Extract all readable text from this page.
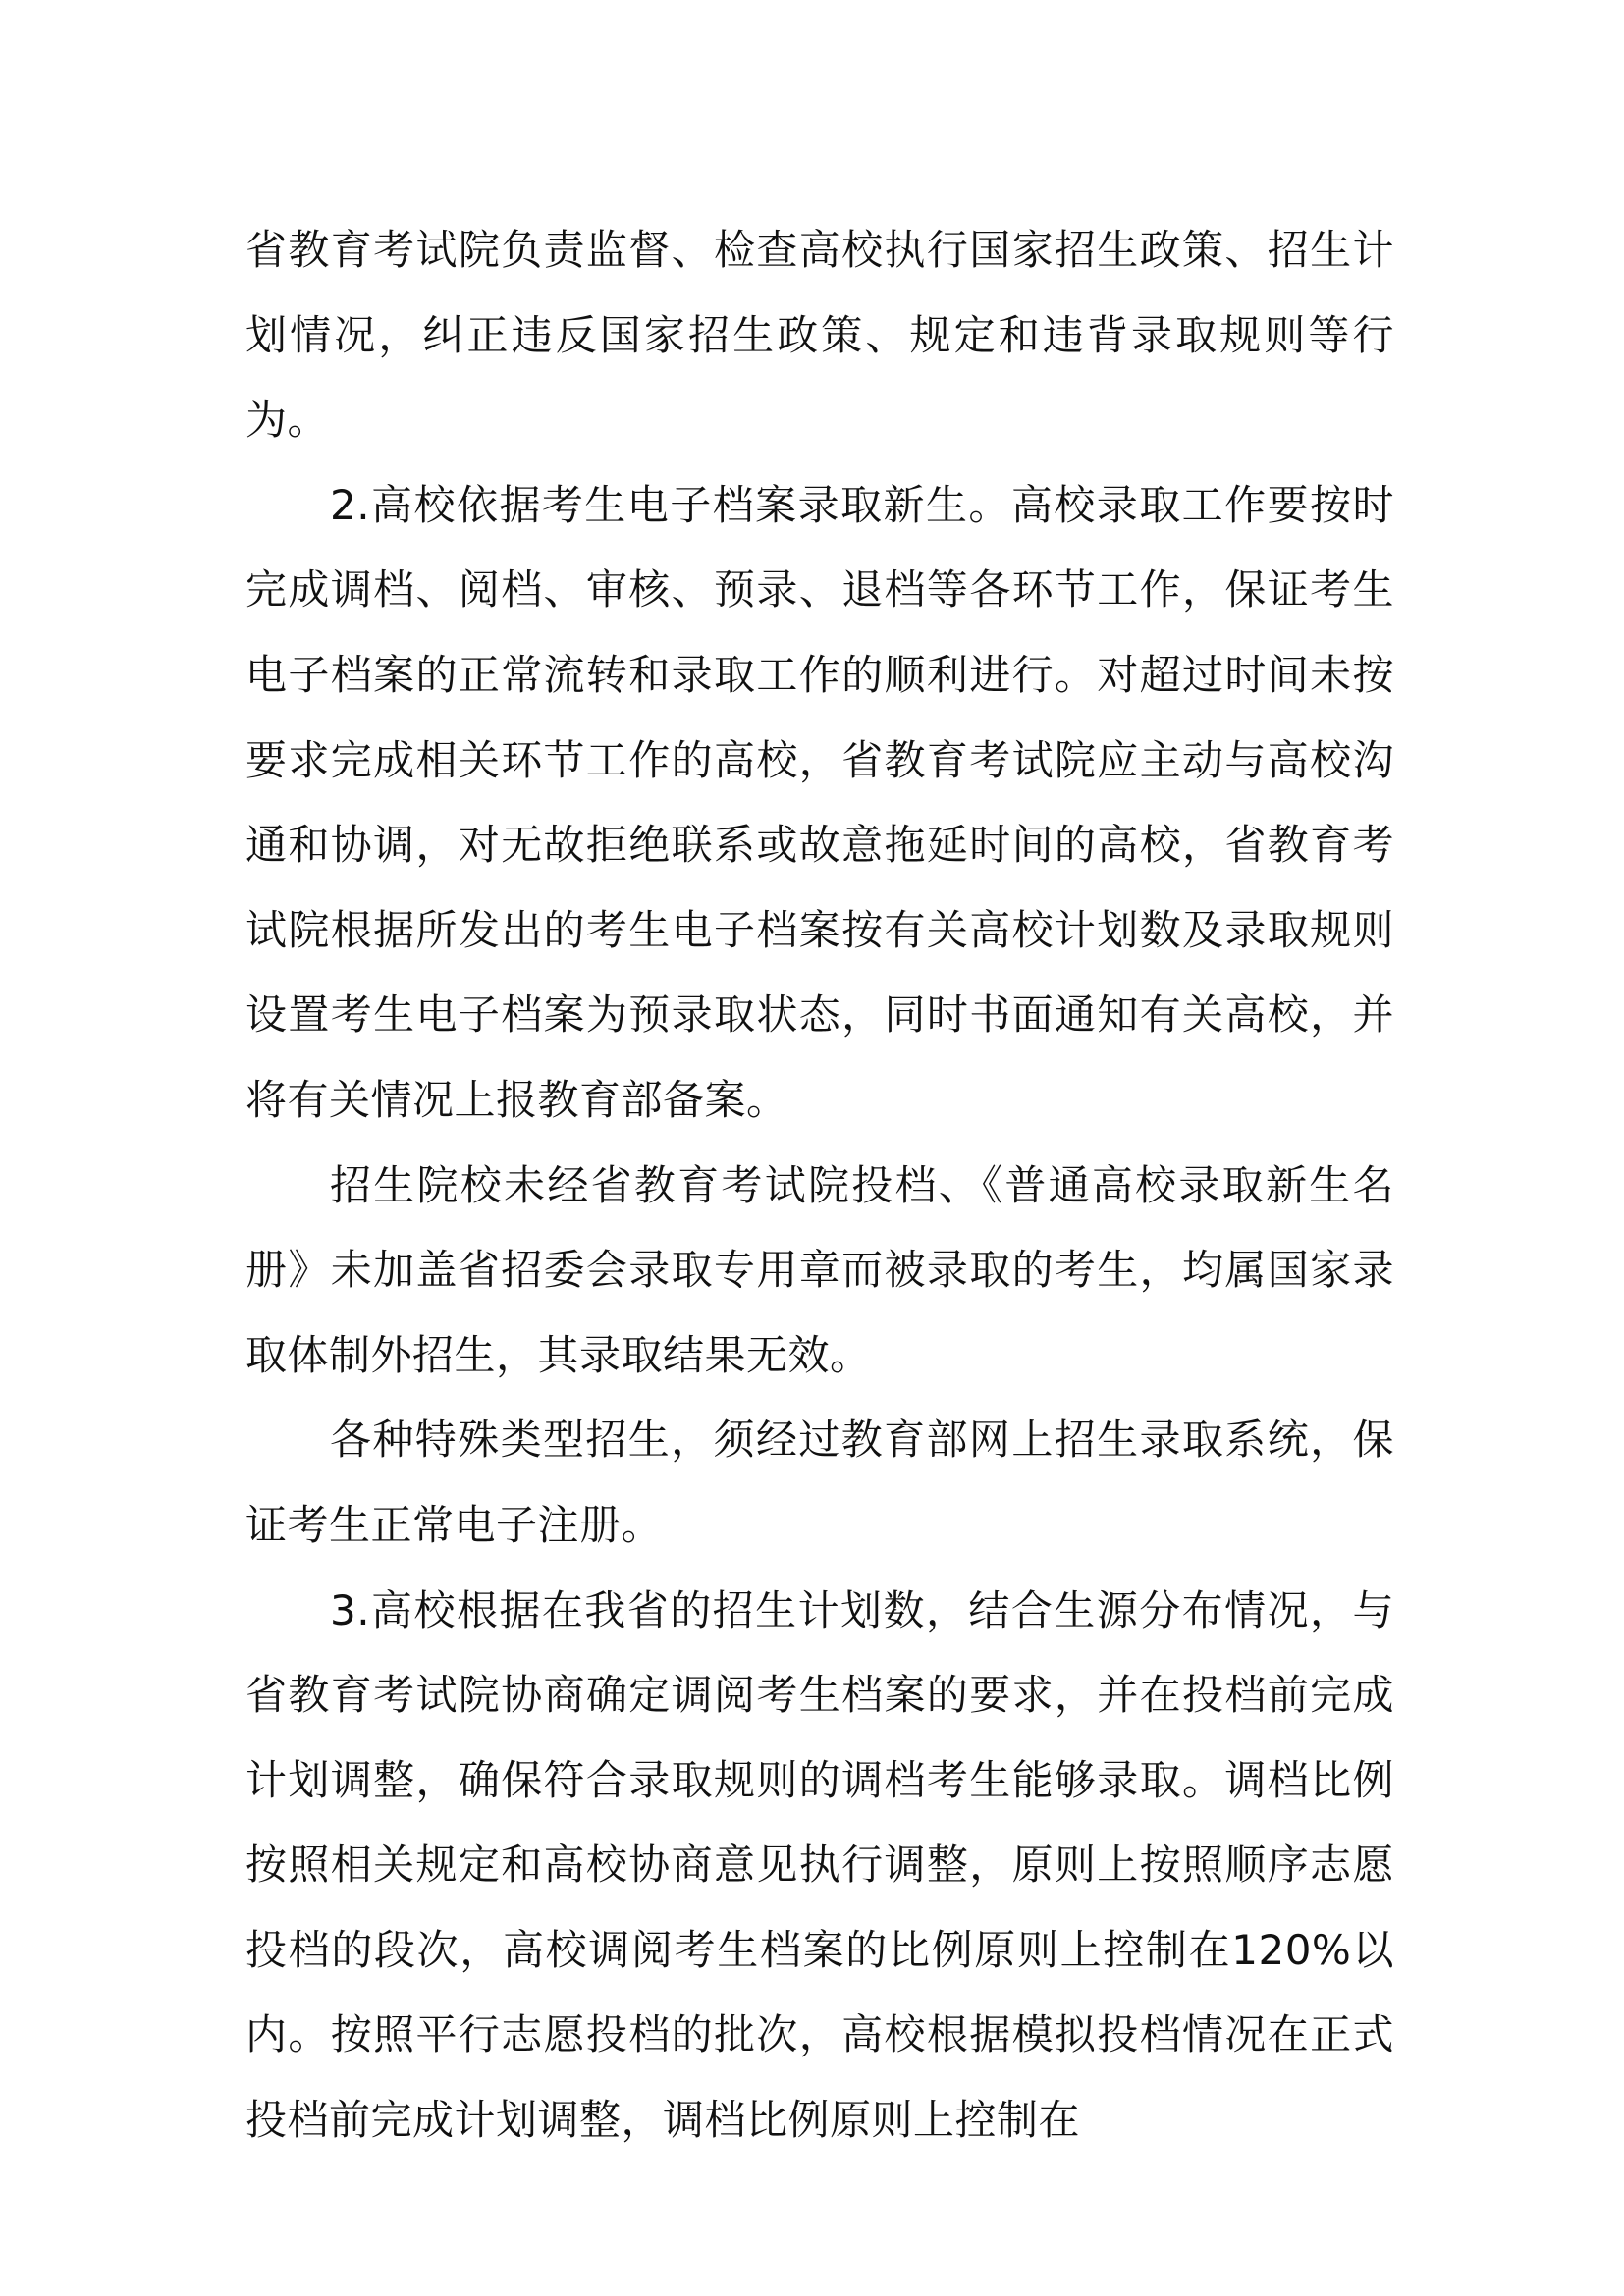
省教育考试院负责监督、检查高校执行国家招生政策、招生计划情况，纠正违反国家招生政策、规定和违背录取规则等行为。

2.高校依据考生电子档案录取新生。高校录取工作要按时完成调档、阅档、审核、预录、退档等各环节工作，保证考生电子档案的正常流转和录取工作的顺利进行。对超过时间未按要求完成相关环节工作的高校，省教育考试院应主动与高校沟通和协调，对无故拒绝联系或故意拖延时间的高校，省教育考试院根据所发出的考生电子档案按有关高校计划数及录取规则设置考生电子档案为预录取状态，同时书面通知有关高校，并将有关情况上报教育部备案。

招生院校未经省教育考试院投档、《普通高校录取新生名册》未加盖省招委会录取专用章而被录取的考生，均属国家录取体制外招生，其录取结果无效。

各种特殊类型招生，须经过教育部网上招生录取系统，保证考生正常电子注册。

3.高校根据在我省的招生计划数，结合生源分布情况，与省教育考试院协商确定调阅考生档案的要求，并在投档前完成计划调整，确保符合录取规则的调档考生能够录取。调档比例按照相关规定和高校协商意见执行调整，原则上按照顺序志愿投档的段次，高校调阅考生档案的比例原则上控制在120%以内。按照平行志愿投档的批次，高校根据模拟投档情况在正式投档前完成计划调整，调档比例原则上控制在
